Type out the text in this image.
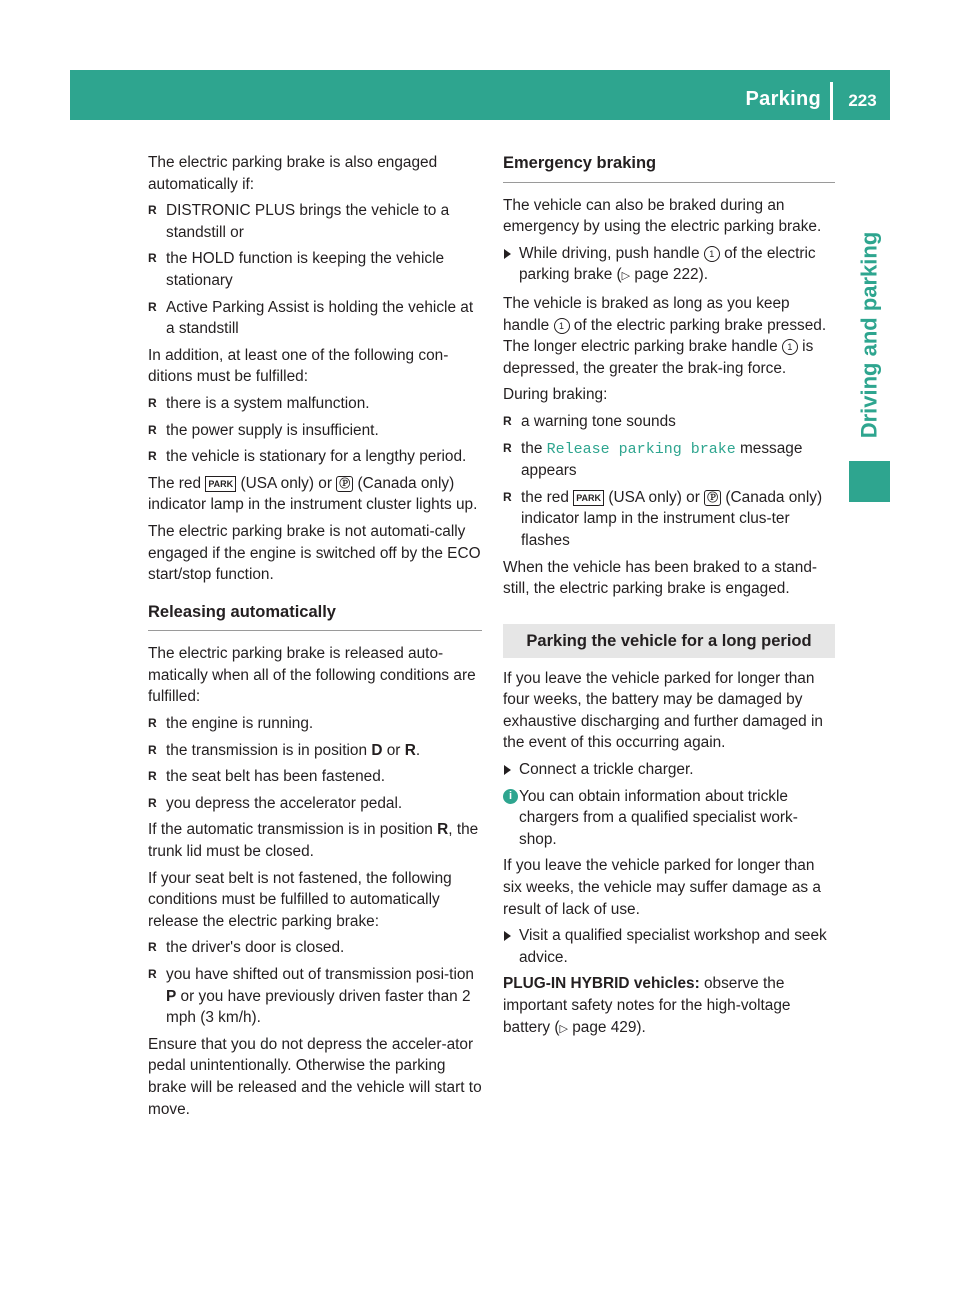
Parking	223
Driving and parking

The electric parking brake is also engaged automatically if:

R DISTRONIC PLUS brings the vehicle to a standstill or
R the HOLD function is keeping the vehicle stationary
R Active Parking Assist is holding the vehicle at a standstill

In addition, at least one of the following con-ditions must be fulfilled:

R there is a system malfunction.
R the power supply is insufficient.
R the vehicle is stationary for a lengthy period.

The red PARK (USA only) or Ⓟ (Canada only) indicator lamp in the instrument cluster lights up.

The electric parking brake is not automati-cally engaged if the engine is switched off by the ECO start/stop function.

Releasing automatically

The electric parking brake is released auto-matically when all of the following conditions are fulfilled:

R the engine is running.
R the transmission is in position D or R.
R the seat belt has been fastened.
R you depress the accelerator pedal.

If the automatic transmission is in position R, the trunk lid must be closed.

If your seat belt is not fastened, the following conditions must be fulfilled to automatically release the electric parking brake:

R the driver's door is closed.
R you have shifted out of transmission posi-tion P or you have previously driven faster than 2 mph (3 km/h).

Ensure that you do not depress the acceler-ator pedal unintentionally. Otherwise the parking brake will be released and the vehicle will start to move.

Emergency braking

The vehicle can also be braked during an emergency by using the electric parking brake.

While driving, push handle 1 of the electric parking brake (▷ page 222).

The vehicle is braked as long as you keep handle 1 of the electric parking brake pressed. The longer electric parking brake handle 1 is depressed, the greater the brak-ing force.

During braking:

R a warning tone sounds
R the Release parking brake message appears
R the red PARK (USA only) or Ⓟ (Canada only) indicator lamp in the instrument clus-ter flashes

When the vehicle has been braked to a stand-still, the electric parking brake is engaged.

Parking the vehicle for a long period

If you leave the vehicle parked for longer than four weeks, the battery may be damaged by exhaustive discharging and further damaged in the event of this occurring again.

Connect a trickle charger.
i You can obtain information about trickle chargers from a qualified specialist work-shop.

If you leave the vehicle parked for longer than six weeks, the vehicle may suffer damage as a result of lack of use.

Visit a qualified specialist workshop and seek advice.

PLUG-IN HYBRID vehicles: observe the important safety notes for the high-voltage battery (▷ page 429).
